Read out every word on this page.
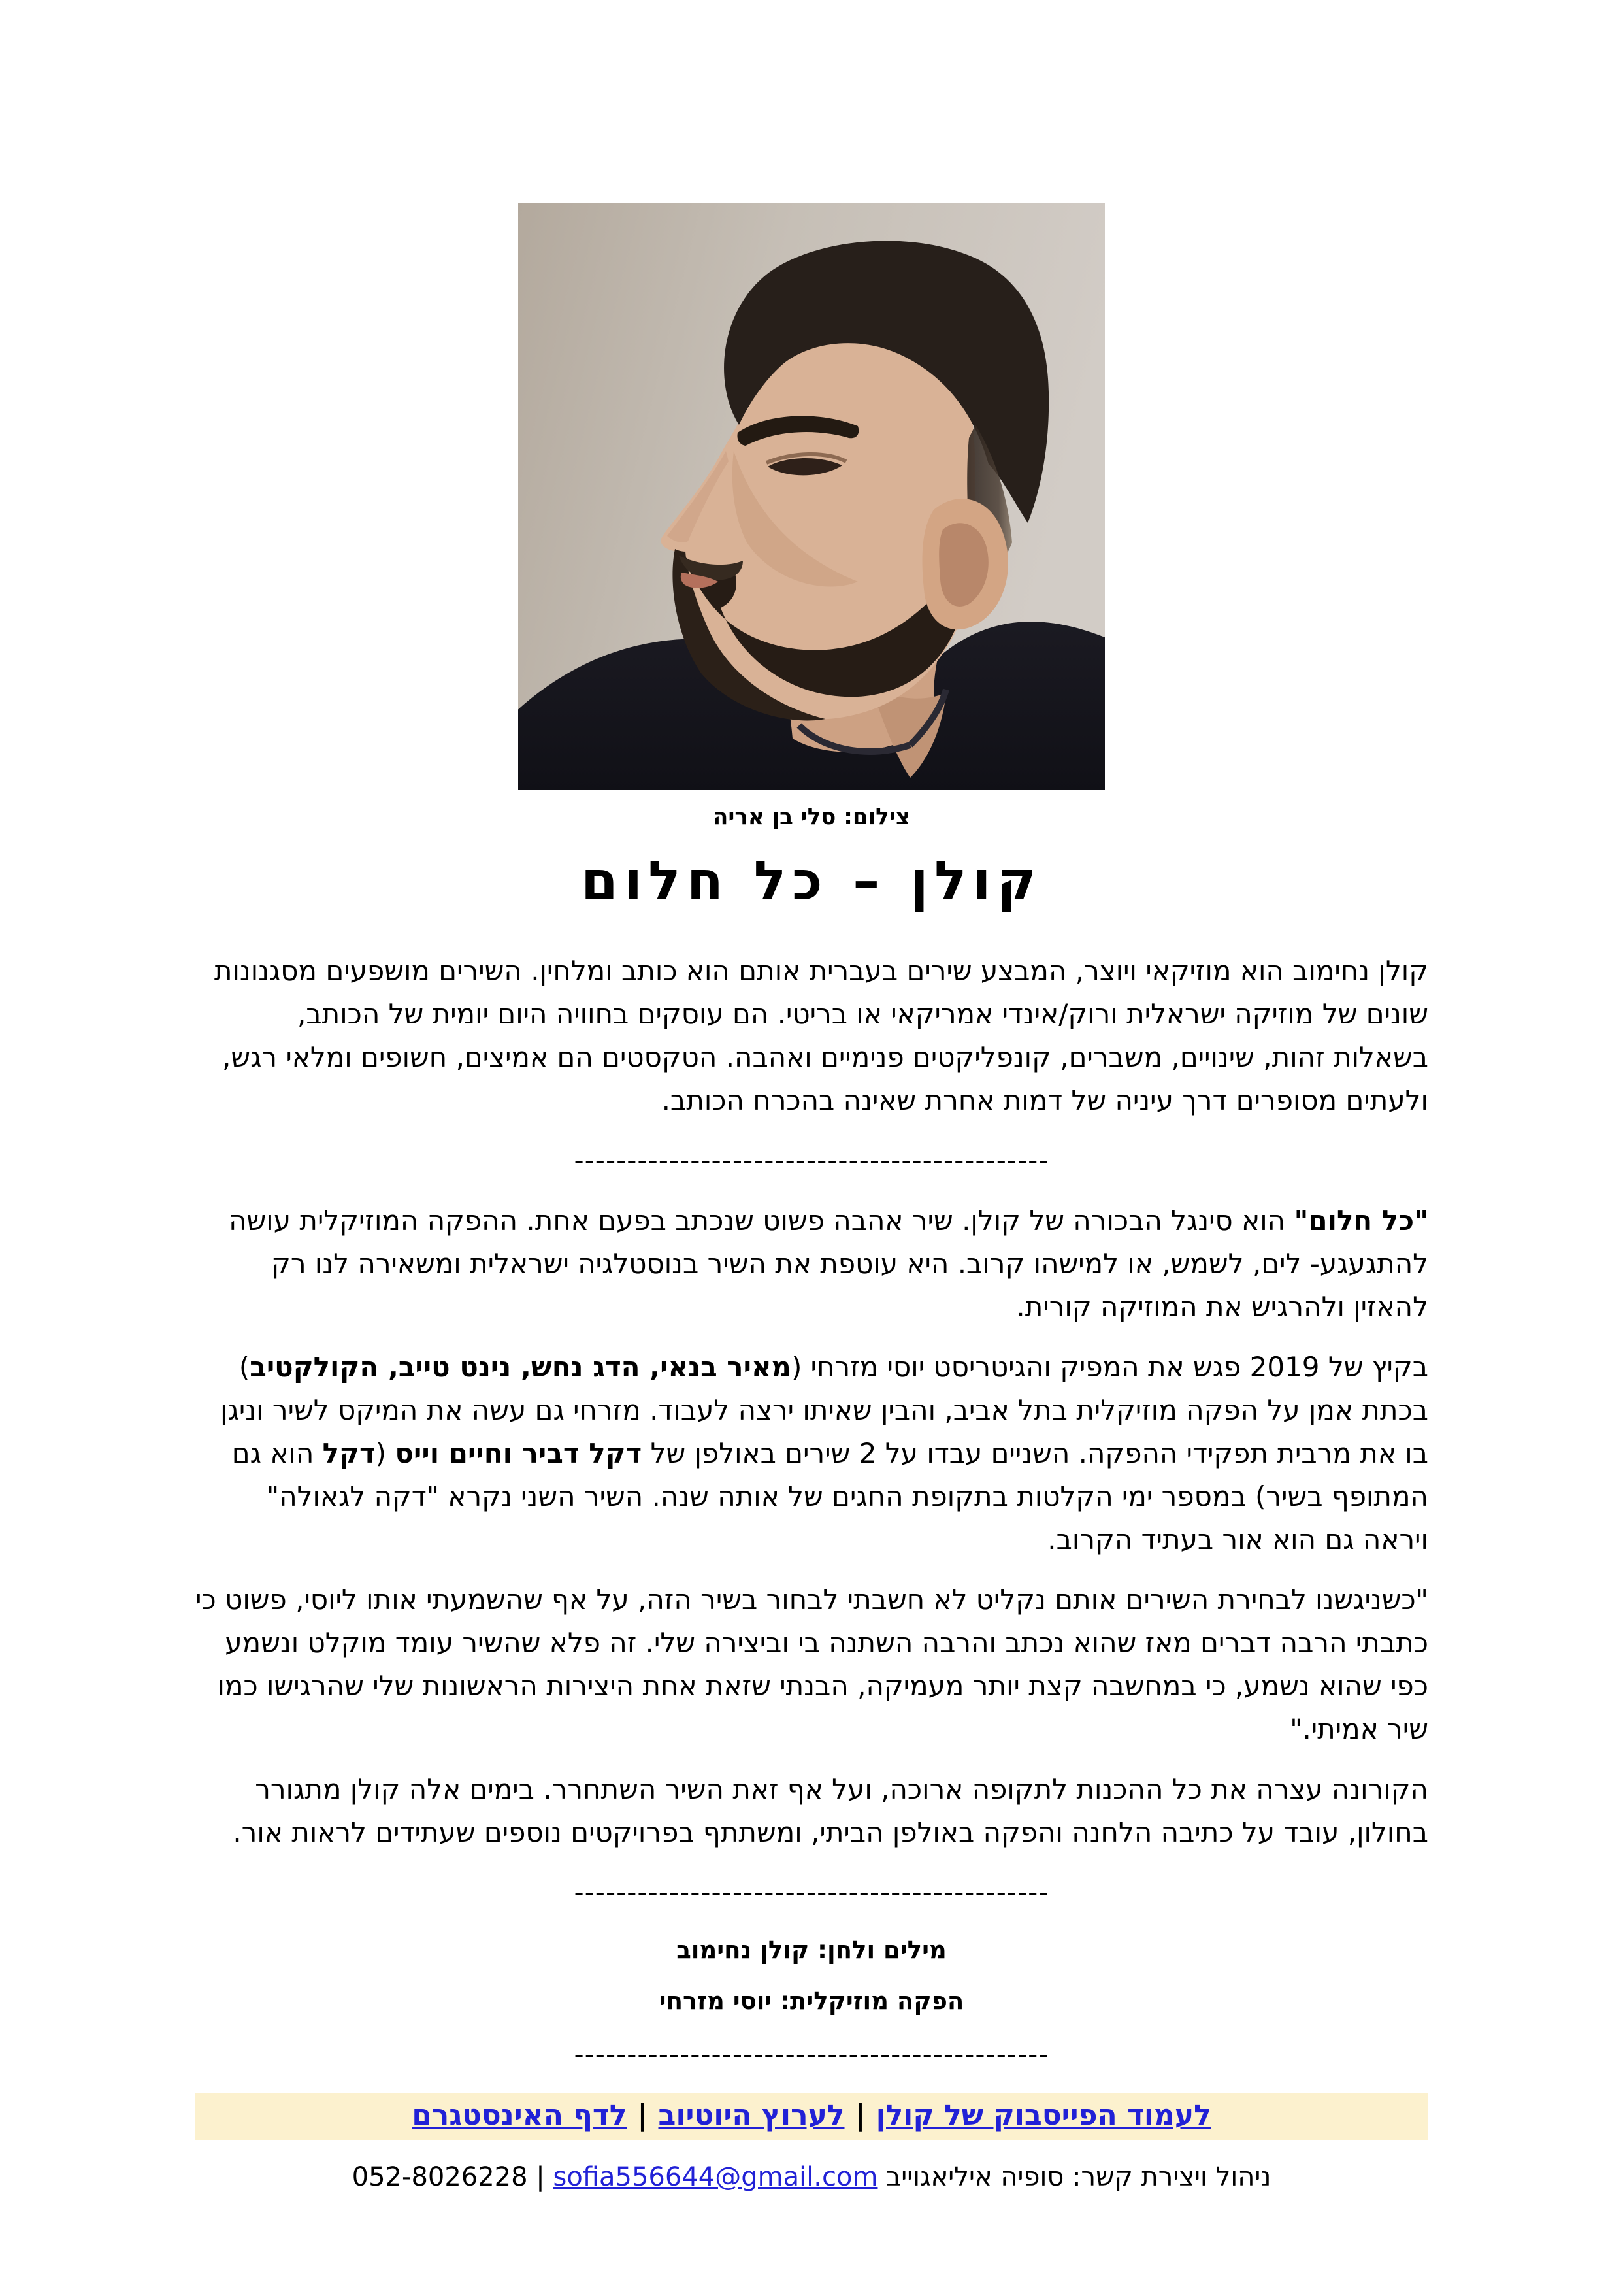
צילום: סלי בן אריה
קולן – כל חלום

קולן נחימוב הוא מוזיקאי ויוצר, המבצע שירים בעברית אותם הוא כותב ומלחין. השירים מושפעים מסגנונות שונים של מוזיקה ישראלית ורוק/אינדי אמריקאי או בריטי. הם עוסקים בחוויה היום יומית של הכותב, בשאלות זהות, שינויים, משברים, קונפליקטים פנימיים ואהבה. הטקסטים הם אמיצים, חשופים ומלאי רגש, ולעתים מסופרים דרך עיניה של דמות אחרת שאינה בהכרח הכותב.

---------------------------------------------

"כל חלום" הוא סינגל הבכורה של קולן. שיר אהבה פשוט שנכתב בפעם אחת. ההפקה המוזיקלית עושה להתגעגע- לים, לשמש, או למישהו קרוב. היא עוטפת את השיר בנוסטלגיה ישראלית ומשאירה לנו רק להאזין ולהרגיש את המוזיקה קורית.

בקיץ של 2019 פגש את המפיק והגיטריסט יוסי מזרחי (מאיר בנאי, הדג נחש, נינט טייב, הקולקטיב) בכתת אמן על הפקה מוזיקלית בתל אביב, והבין שאיתו ירצה לעבוד. מזרחי גם עשה את המיקס לשיר וניגן בו את מרבית תפקידי ההפקה. השניים עבדו על 2 שירים באולפן של דקל דביר וחיים וייס (דקל הוא גם המתופף בשיר) במספר ימי הקלטות בתקופת החגים של אותה שנה. השיר השני נקרא "דקה לגאולה" ויראה גם הוא אור בעתיד הקרוב.

"כשניגשנו לבחירת השירים אותם נקליט לא חשבתי לבחור בשיר הזה, על אף שהשמעתי אותו ליוסי, פשוט כי כתבתי הרבה דברים מאז שהוא נכתב והרבה השתנה בי וביצירה שלי. זה פלא שהשיר עומד מוקלט ונשמע כפי שהוא נשמע, כי במחשבה קצת יותר מעמיקה, הבנתי שזאת אחת היצירות הראשונות שלי שהרגישו כמו שיר אמיתי."

הקורונה עצרה את כל ההכנות לתקופה ארוכה, ועל אף זאת השיר השתחרר. בימים אלה קולן מתגורר בחולון, עובד על כתיבה הלחנה והפקה באולפן הביתי, ומשתתף בפרויקטים נוספים שעתידים לראות אור.

---------------------------------------------
מילים ולחן: קולן נחימוב
הפקה מוזיקלית: יוסי מזרחי
---------------------------------------------
לעמוד הפייסבוק של קולן|לערוץ היוטיוב|לדף האינסטגרם
ניהול ויצירת קשר: סופיה איליאגוייב 052-8026228 | sofia556644@gmail.com
